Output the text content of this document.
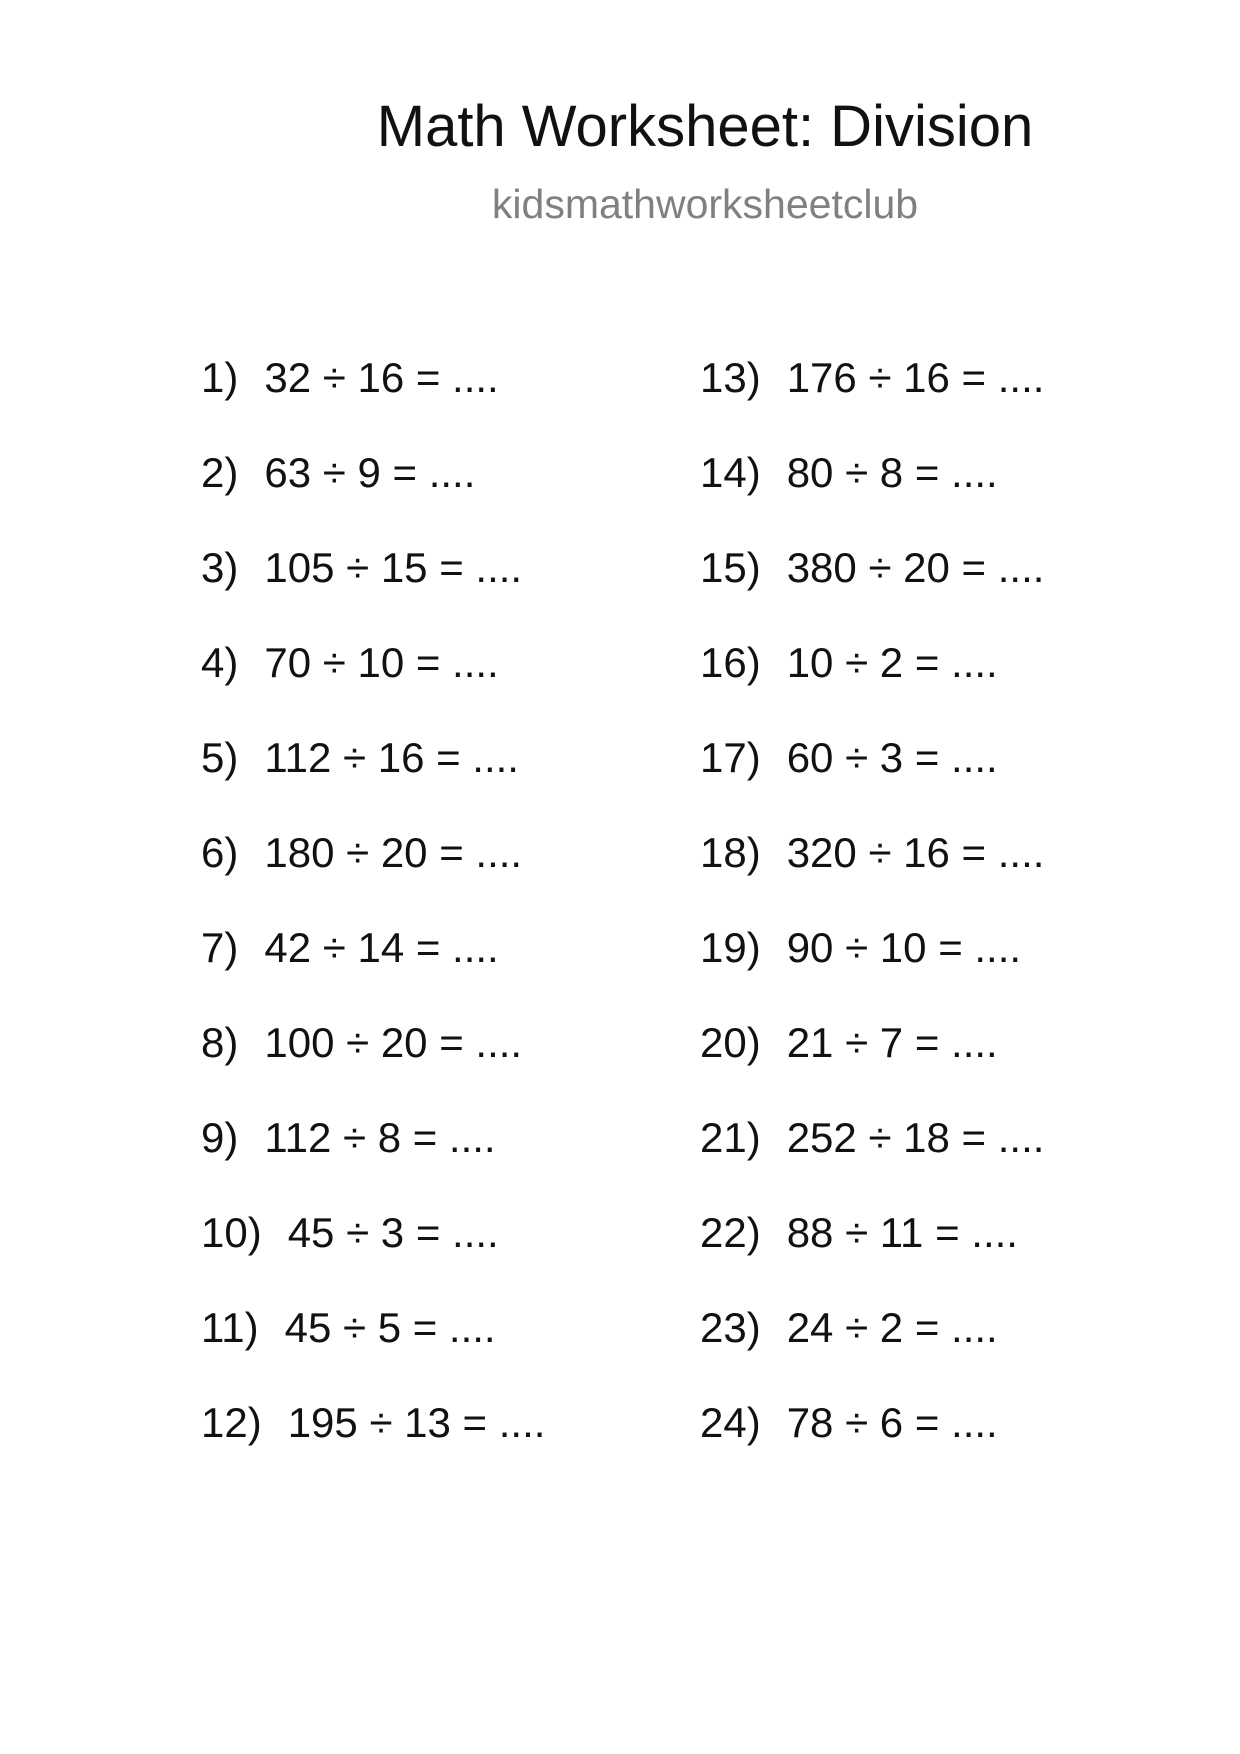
Math Worksheet: Division
kidsmathworksheetclub
1) 32 ÷ 16 = ....
2) 63 ÷ 9 = ....
3) 105 ÷ 15 = ....
4) 70 ÷ 10 = ....
5) 112 ÷ 16 = ....
6) 180 ÷ 20 = ....
7) 42 ÷ 14 = ....
8) 100 ÷ 20 = ....
9) 112 ÷ 8 = ....
10) 45 ÷ 3 = ....
11) 45 ÷ 5 = ....
12) 195 ÷ 13 = ....
13) 176 ÷ 16 = ....
14) 80 ÷ 8 = ....
15) 380 ÷ 20 = ....
16) 10 ÷ 2 = ....
17) 60 ÷ 3 = ....
18) 320 ÷ 16 = ....
19) 90 ÷ 10 = ....
20) 21 ÷ 7 = ....
21) 252 ÷ 18 = ....
22) 88 ÷ 11 = ....
23) 24 ÷ 2 = ....
24) 78 ÷ 6 = ....
